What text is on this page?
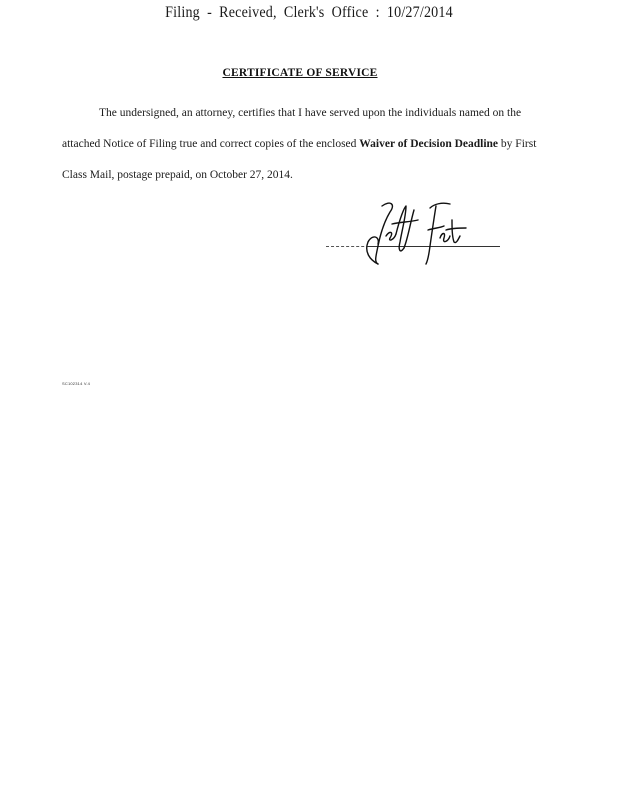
Filing - Received, Clerk's Office : 10/27/2014
CERTIFICATE OF SERVICE

The undersigned, an attorney, certifies that I have served upon the individuals named on the attached Notice of Filing true and correct copies of the enclosed Waiver of Decision Deadline by First Class Mail, postage prepaid, on October 27, 2014.

SC102314 V.4
